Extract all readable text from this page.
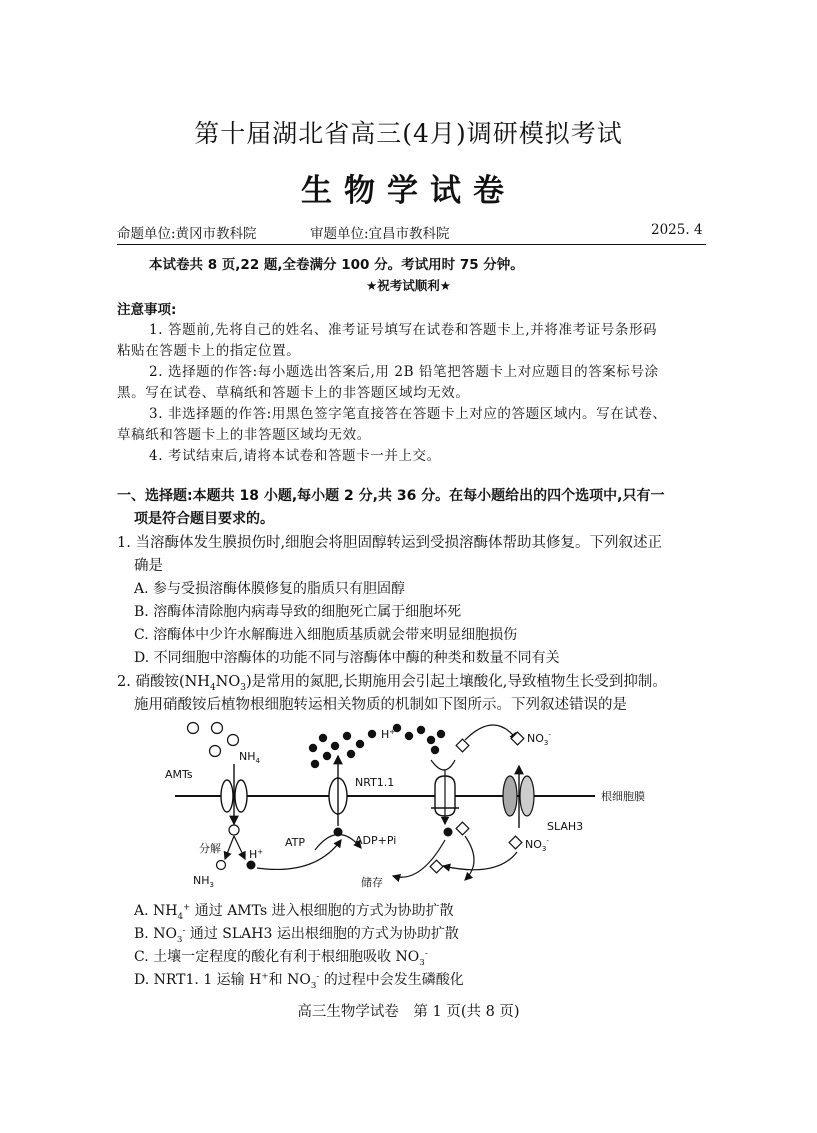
第十届湖北省高三(4月)调研模拟考试
生物学试卷
命题单位:黄冈市教科院	审题单位:宜昌市教科院	2025. 4
本试卷共 8 页,22 题,全卷满分 100 分。考试用时 75 分钟。
★祝考试顺利★
注意事项:
1. 答题前,先将自己的姓名、准考证号填写在试卷和答题卡上,并将准考证号条形码
粘贴在答题卡上的指定位置。
2. 选择题的作答:每小题选出答案后,用 2B 铅笔把答题卡上对应题目的答案标号涂
黑。写在试卷、草稿纸和答题卡上的非答题区域均无效。
3. 非选择题的作答:用黑色签字笔直接答在答题卡上对应的答题区域内。写在试卷、
草稿纸和答题卡上的非答题区域均无效。
4. 考试结束后,请将本试卷和答题卡一并上交。
一、选择题:本题共 18 小题,每小题 2 分,共 36 分。在每小题给出的四个选项中,只有一
项是符合题目要求的。
1. 当溶酶体发生膜损伤时,细胞会将胆固醇转运到受损溶酶体帮助其修复。下列叙述正
确是
A. 参与受损溶酶体膜修复的脂质只有胆固醇
B. 溶酶体清除胞内病毒导致的细胞死亡属于细胞坏死
C. 溶酶体中少许水解酶进入细胞质基质就会带来明显细胞损伤
D. 不同细胞中溶酶体的功能不同与溶酶体中酶的种类和数量不同有关
2. 硝酸铵$(NH_4NO_3)$是常用的氮肥,长期施用会引起土壤酸化,导致植物生长受到抑制。
施用硝酸铵后植物根细胞转运相关物质的机制如下图所示。下列叙述错误的是
根细胞膜
$NH_4$
AMTs
分解	H+
$NH_3$
H+
ATP	ADP+Pi
NRT1.1
储存
SLAH3
$NO_3^-$
$NO_3^-$
A. $NH_4^+$ 通过 AMTs 进入根细胞的方式为协助扩散
B. $NO_3^-$ 通过 SLAH3 运出根细胞的方式为协助扩散
C. 土壤一定程度的酸化有利于根细胞吸收 $NO_3^-$
D. NRT1. 1 运输 H+和 $NO_3^-$ 的过程中会发生磷酸化
高三生物学试卷　第 1 页(共 8 页)
